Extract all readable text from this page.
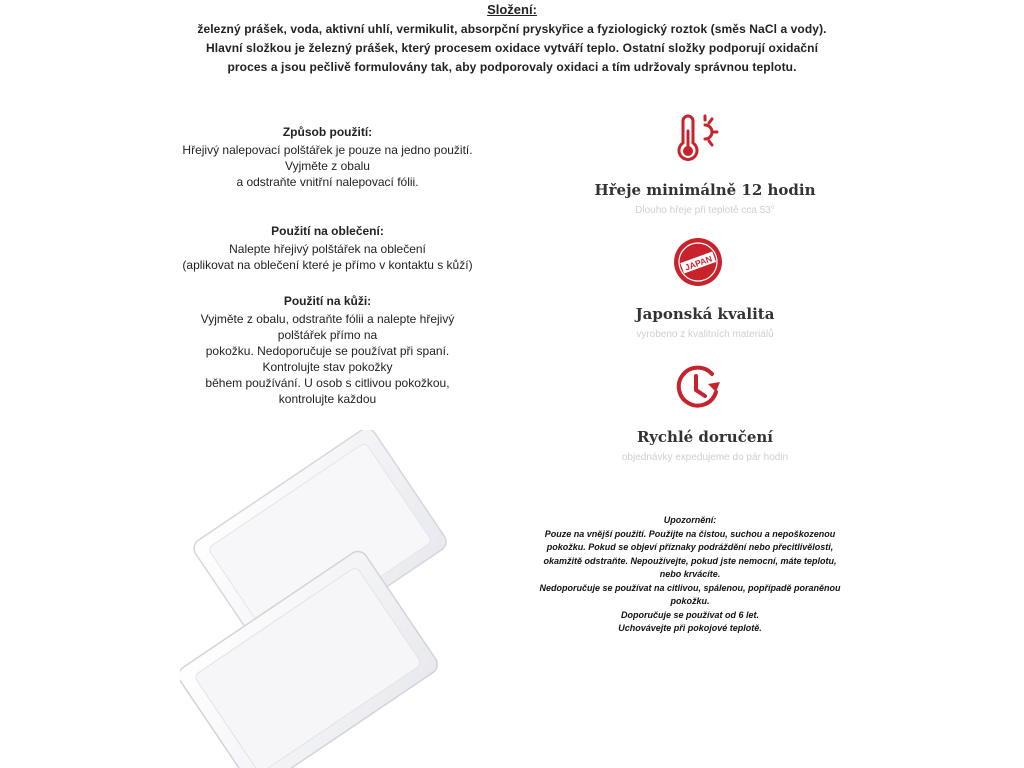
Složení:
železný prášek, voda, aktivní uhlí, vermikulit, absorpční pryskyřice a fyziologický roztok (směs NaCl a vody).
Hlavní složkou je železný prášek, který procesem oxidace vytváří teplo. Ostatní složky podporují oxidační
proces a jsou pečlivě formulovány tak, aby podporovaly oxidaci a tím udržovaly správnou teplotu.
Způsob použití:
Hřejivý nalepovací polštářek je pouze na jedno použití.
Vyjměte z obalu
a odstraňte vnitřní nalepovací fólii.
Použití na oblečení:
Nalepte hřejivý polštářek na oblečení
(aplikovat na oblečení které je přímo v kontaktu s kůží)
Použití na kůži:
Vyjměte z obalu, odstraňte fólii a nalepte hřejivý
polštářek přímo na
pokožku. Nedoporučuje se používat při spaní.
Kontrolujte stav pokožky
během používání. U osob s citlivou pokožkou,
kontrolujte každou
Hřeje minimálně 12 hodin
Dlouho hřeje při teplotě cca 53°
JAPAN
Japonská kvalita
vyrobeno z kvalitních materiálů
Rychlé doručení
objednávky expedujeme do pár hodin
Upozornění:
Pouze na vnější použití. Použijte na čistou, suchou a nepoškozenou
pokožku. Pokud se objeví příznaky podráždění nebo přecitlivělosti,
okamžitě odstraňte. Nepoužívejte, pokud jste nemocní, máte teplotu,
nebo krvácíte.
Nedoporučuje se používat na citlivou, spálenou, popřípadě poraněnou
pokožku.
Doporučuje se používat od 6 let.
Uchovávejte při pokojové teplotě.
